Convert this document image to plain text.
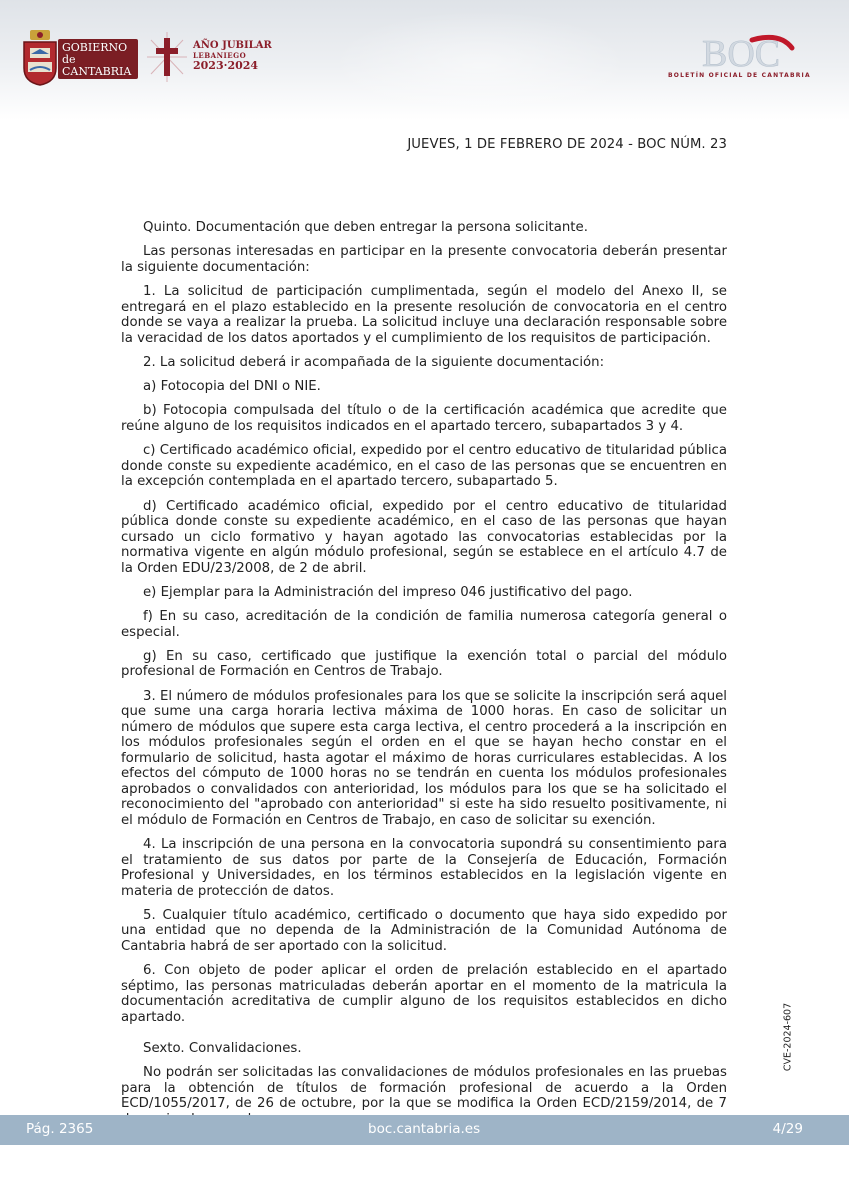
GOBIERNO
de
CANTABRIA
AÑO JUBILAR
LEBANIEGO
2023·2024	BOC
BOLETÍN OFICIAL DE CANTABRIA
JUEVES, 1 DE FEBRERO DE 2024 - BOC NÚM. 23

Quinto. Documentación que deben entregar la persona solicitante.

Las personas interesadas en participar en la presente convocatoria deberán presentar la siguiente documentación:

1. La solicitud de participación cumplimentada, según el modelo del Anexo II, se entregará en el plazo establecido en la presente resolución de convocatoria en el centro donde se vaya a realizar la prueba. La solicitud incluye una declaración responsable sobre la veracidad de los datos aportados y el cumplimiento de los requisitos de participación.

2. La solicitud deberá ir acompañada de la siguiente documentación:

a) Fotocopia del DNI o NIE.

b) Fotocopia compulsada del título o de la certificación académica que acredite que reúne alguno de los requisitos indicados en el apartado tercero, subapartados 3 y 4.

c) Certificado académico oficial, expedido por el centro educativo de titularidad pública donde conste su expediente académico, en el caso de las personas que se encuentren en la excepción contemplada en el apartado tercero, subapartado 5.

d) Certificado académico oficial, expedido por el centro educativo de titularidad pública donde conste su expediente académico, en el caso de las personas que hayan cursado un ciclo formativo y hayan agotado las convocatorias establecidas por la normativa vigente en algún módulo profesional, según se establece en el artículo 4.7 de la Orden EDU/23/2008, de 2 de abril.

e) Ejemplar para la Administración del impreso 046 justificativo del pago.

f) En su caso, acreditación de la condición de familia numerosa categoría general o especial.

g) En su caso, certificado que justifique la exención total o parcial del módulo profesional de Formación en Centros de Trabajo.

3. El número de módulos profesionales para los que se solicite la inscripción será aquel que sume una carga horaria lectiva máxima de 1000 horas. En caso de solicitar un número de módulos que supere esta carga lectiva, el centro procederá a la inscripción en los módulos profesionales según el orden en el que se hayan hecho constar en el formulario de solicitud, hasta agotar el máximo de horas curriculares establecidas. A los efectos del cómputo de 1000 horas no se tendrán en cuenta los módulos profesionales aprobados o convalidados con anterioridad, los módulos para los que se ha solicitado el reconocimiento del "aprobado con anterioridad" si este ha sido resuelto positivamente, ni el módulo de Formación en Centros de Trabajo, en caso de solicitar su exención.

4. La inscripción de una persona en la convocatoria supondrá su consentimiento para el tratamiento de sus datos por parte de la Consejería de Educación, Formación Profesional y Universidades, en los términos establecidos en la legislación vigente en materia de protección de datos.

5. Cualquier título académico, certificado o documento que haya sido expedido por una entidad que no dependa de la Administración de la Comunidad Autónoma de Cantabria habrá de ser aportado con la solicitud.

6. Con objeto de poder aplicar el orden de prelación establecido en el apartado séptimo, las personas matriculadas deberán aportar en el momento de la matricula la documentación acreditativa de cumplir alguno de los requisitos establecidos en dicho apartado.

Sexto. Convalidaciones.

No podrán ser solicitadas las convalidaciones de módulos profesionales en las pruebas para la obtención de títulos de formación profesional de acuerdo a la Orden ECD/1055/2017, de 26 de octubre, por la que se modifica la Orden ECD/2159/2014, de 7

CVE-2024-607
Pág. 2365	boc.cantabria.es	4/29
